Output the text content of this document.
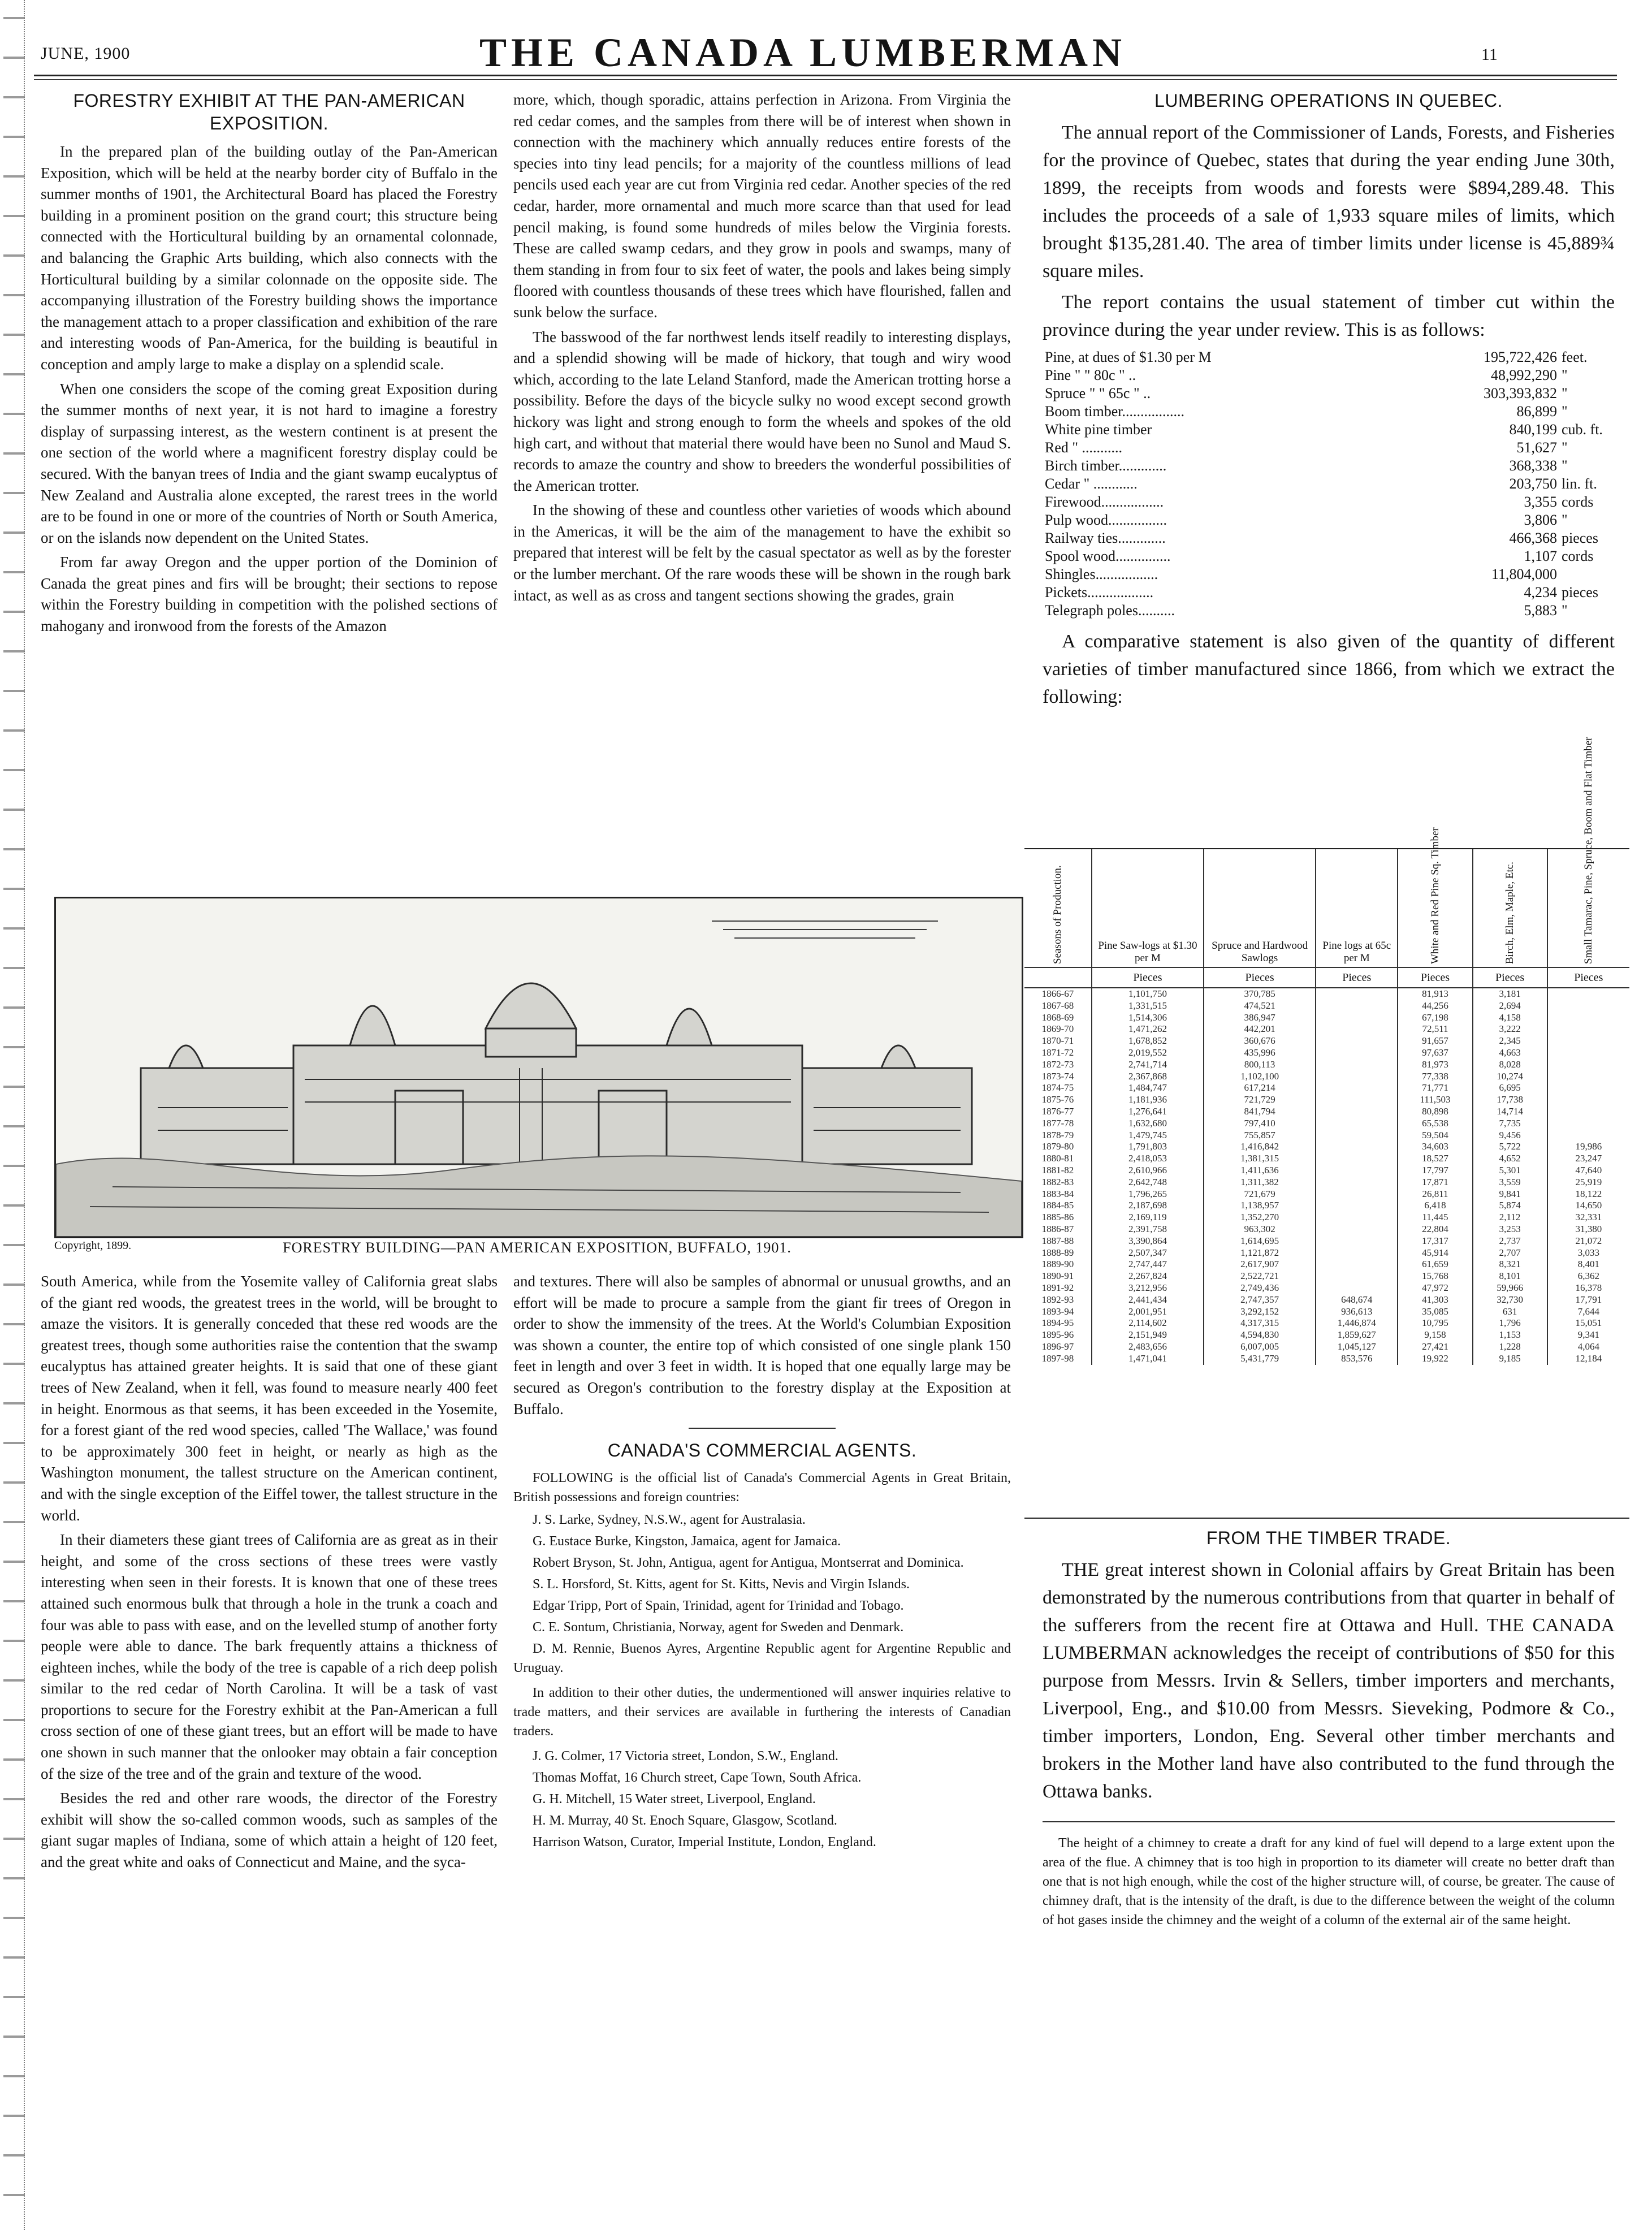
JUNE, 1900	THE CANADA LUMBERMAN	11
FORESTRY EXHIBIT AT THE PAN-AMERICAN EXPOSITION.

In the prepared plan of the building outlay of the Pan-American Exposition, which will be held at the nearby border city of Buffalo in the summer months of 1901, the Architectural Board has placed the Forestry building in a prominent position on the grand court; this structure being connected with the Horticultural building by an ornamental colonnade, and balancing the Graphic Arts building, which also connects with the Horticultural building by a similar colonnade on the opposite side. The accompanying illustration of the Forestry building shows the importance the management attach to a proper classification and exhibition of the rare and interesting woods of Pan-America, for the building is beautiful in conception and amply large to make a display on a splendid scale.

When one considers the scope of the coming great Exposition during the summer months of next year, it is not hard to imagine a forestry display of surpassing interest, as the western continent is at present the one section of the world where a magnificent forestry display could be secured. With the banyan trees of India and the giant swamp eucalyptus of New Zealand and Australia alone excepted, the rarest trees in the world are to be found in one or more of the countries of North or South America, or on the islands now dependent on the United States.

From far away Oregon and the upper portion of the Dominion of Canada the great pines and firs will be brought; their sections to repose within the Forestry building in competition with the polished sections of mahogany and ironwood from the forests of the Amazon

more, which, though sporadic, attains perfection in Arizona. From Virginia the red cedar comes, and the samples from there will be of interest when shown in connection with the machinery which annually reduces entire forests of the species into tiny lead pencils; for a majority of the countless millions of lead pencils used each year are cut from Virginia red cedar. Another species of the red cedar, harder, more ornamental and much more scarce than that used for lead pencil making, is found some hundreds of miles below the Virginia forests. These are called swamp cedars, and they grow in pools and swamps, many of them standing in from four to six feet of water, the pools and lakes being simply floored with countless thousands of these trees which have flourished, fallen and sunk below the surface.

The basswood of the far northwest lends itself readily to interesting displays, and a splendid showing will be made of hickory, that tough and wiry wood which, according to the late Leland Stanford, made the American trotting horse a possibility. Before the days of the bicycle sulky no wood except second growth hickory was light and strong enough to form the wheels and spokes of the old high cart, and without that material there would have been no Sunol and Maud S. records to amaze the country and show to breeders the wonderful possibilities of the American trotter.

In the showing of these and countless other varieties of woods which abound in the Americas, it will be the aim of the management to have the exhibit so prepared that interest will be felt by the casual spectator as well as by the forester or the lumber merchant. Of the rare woods these will be shown in the rough bark intact, as well as as cross and tangent sections showing the grades, grain

Copyright, 1899.	FORESTRY BUILDING—PAN AMERICAN EXPOSITION, BUFFALO, 1901.

South America, while from the Yosemite valley of California great slabs of the giant red woods, the greatest trees in the world, will be brought to amaze the visitors. It is generally conceded that these red woods are the greatest trees, though some authorities raise the contention that the swamp eucalyptus has attained greater heights. It is said that one of these giant trees of New Zealand, when it fell, was found to measure nearly 400 feet in height. Enormous as that seems, it has been exceeded in the Yosemite, for a forest giant of the red wood species, called 'The Wallace,' was found to be approximately 300 feet in height, or nearly as high as the Washington monument, the tallest structure on the American continent, and with the single exception of the Eiffel tower, the tallest structure in the world.

In their diameters these giant trees of California are as great as in their height, and some of the cross sections of these trees were vastly interesting when seen in their forests. It is known that one of these trees attained such enormous bulk that through a hole in the trunk a coach and four was able to pass with ease, and on the levelled stump of another forty people were able to dance. The bark frequently attains a thickness of eighteen inches, while the body of the tree is capable of a rich deep polish similar to the red cedar of North Carolina. It will be a task of vast proportions to secure for the Forestry exhibit at the Pan-American a full cross section of one of these giant trees, but an effort will be made to have one shown in such manner that the onlooker may obtain a fair conception of the size of the tree and of the grain and texture of the wood.

Besides the red and other rare woods, the director of the Forestry exhibit will show the so-called common woods, such as samples of the giant sugar maples of Indiana, some of which attain a height of 120 feet, and the great white and oaks of Connecticut and Maine, and the syca-

and textures. There will also be samples of abnormal or unusual growths, and an effort will be made to procure a sample from the giant fir trees of Oregon in order to show the immensity of the trees. At the World's Columbian Exposition was shown a counter, the entire top of which consisted of one single plank 150 feet in length and over 3 feet in width. It is hoped that one equally large may be secured as Oregon's contribution to the forestry display at the Exposition at Buffalo.

CANADA'S COMMERCIAL AGENTS.

FOLLOWING is the official list of Canada's Commercial Agents in Great Britain, British possessions and foreign countries:

J. S. Larke, Sydney, N.S.W., agent for Australasia.

G. Eustace Burke, Kingston, Jamaica, agent for Jamaica.

Robert Bryson, St. John, Antigua, agent for Antigua, Montserrat and Dominica.

S. L. Horsford, St. Kitts, agent for St. Kitts, Nevis and Virgin Islands.

Edgar Tripp, Port of Spain, Trinidad, agent for Trinidad and Tobago.

C. E. Sontum, Christiania, Norway, agent for Sweden and Denmark.

D. M. Rennie, Buenos Ayres, Argentine Republic agent for Argentine Republic and Uruguay.

In addition to their other duties, the undermentioned will answer inquiries relative to trade matters, and their services are available in furthering the interests of Canadian traders.

J. G. Colmer, 17 Victoria street, London, S.W., England.

Thomas Moffat, 16 Church street, Cape Town, South Africa.

G. H. Mitchell, 15 Water street, Liverpool, England.

H. M. Murray, 40 St. Enoch Square, Glasgow, Scotland.

Harrison Watson, Curator, Imperial Institute, London, England.

LUMBERING OPERATIONS IN QUEBEC.

The annual report of the Commissioner of Lands, Forests, and Fisheries for the province of Quebec, states that during the year ending June 30th, 1899, the receipts from woods and forests were $894,289.48. This includes the proceeds of a sale of 1,933 square miles of limits, which brought $135,281.40. The area of timber limits under license is 45,889¾ square miles.

The report contains the usual statement of timber cut within the province during the year under review. This is as follows:

Pine, at dues of $1.30 per M	195,722,426	feet.
Pine " " 80c " ..	48,992,290	"
Spruce " " 65c " ..	303,393,832	"
Boom timber.................	86,899	"
White pine timber	840,199	cub. ft.
Red " ...........	51,627	"
Birch timber.............	368,338	"
Cedar " ............	203,750	lin. ft.
Firewood.................	3,355	cords
Pulp wood................	3,806	"
Railway ties.............	466,368	pieces
Spool wood...............	1,107	cords
Shingles.................	11,804,000	
Pickets..................	4,234	pieces
Telegraph poles..........	5,883	"

A comparative statement is also given of the quantity of different varieties of timber manufactured since 1866, from which we extract the following:

Seasons of Production.	Pine Saw-logs at $1.30 per M	Spruce and Hardwood Sawlogs	Pine logs at 65c per M	White and Red Pine Sq. Timber	Birch, Elm, Maple, Etc.	Small Tamarac, Pine, Spruce, Boom and Flat Timber
	Pieces	Pieces	Pieces	Pieces	Pieces	Pieces
1866-67	1,101,750	370,785		81,913	3,181	
1867-68	1,331,515	474,521		44,256	2,694	
1868-69	1,514,306	386,947		67,198	4,158	
1869-70	1,471,262	442,201		72,511	3,222	
1870-71	1,678,852	360,676		91,657	2,345	
1871-72	2,019,552	435,996		97,637	4,663	
1872-73	2,741,714	800,113		81,973	8,028	
1873-74	2,367,868	1,102,100		77,338	10,274	
1874-75	1,484,747	617,214		71,771	6,695	
1875-76	1,181,936	721,729		111,503	17,738	
1876-77	1,276,641	841,794		80,898	14,714	
1877-78	1,632,680	797,410		65,538	7,735	
1878-79	1,479,745	755,857		59,504	9,456	
1879-80	1,791,803	1,416,842		34,603	5,722	19,986
1880-81	2,418,053	1,381,315		18,527	4,652	23,247
1881-82	2,610,966	1,411,636		17,797	5,301	47,640
1882-83	2,642,748	1,311,382		17,871	3,559	25,919
1883-84	1,796,265	721,679		26,811	9,841	18,122
1884-85	2,187,698	1,138,957		6,418	5,874	14,650
1885-86	2,169,119	1,352,270		11,445	2,112	32,331
1886-87	2,391,758	963,302		22,804	3,253	31,380
1887-88	3,390,864	1,614,695		17,317	2,737	21,072
1888-89	2,507,347	1,121,872		45,914	2,707	3,033
1889-90	2,747,447	2,617,907		61,659	8,321	8,401
1890-91	2,267,824	2,522,721		15,768	8,101	6,362
1891-92	3,212,956	2,749,436		47,972	59,966	16,378
1892-93	2,441,434	2,747,357	648,674	41,303	32,730	17,791
1893-94	2,001,951	3,292,152	936,613	35,085	631	7,644
1894-95	2,114,602	4,317,315	1,446,874	10,795	1,796	15,051
1895-96	2,151,949	4,594,830	1,859,627	9,158	1,153	9,341
1896-97	2,483,656	6,007,005	1,045,127	27,421	1,228	4,064
1897-98	1,471,041	5,431,779	853,576	19,922	9,185	12,184
FROM THE TIMBER TRADE.

THE great interest shown in Colonial affairs by Great Britain has been demonstrated by the numerous contributions from that quarter in behalf of the sufferers from the recent fire at Ottawa and Hull. THE CANADA LUMBERMAN acknowledges the receipt of contributions of $50 for this purpose from Messrs. Irvin & Sellers, timber importers and merchants, Liverpool, Eng., and $10.00 from Messrs. Sieveking, Podmore & Co., timber importers, London, Eng. Several other timber merchants and brokers in the Mother land have also contributed to the fund through the Ottawa banks.

The height of a chimney to create a draft for any kind of fuel will depend to a large extent upon the area of the flue. A chimney that is too high in proportion to its diameter will create no better draft than one that is not high enough, while the cost of the higher structure will, of course, be greater. The cause of chimney draft, that is the intensity of the draft, is due to the difference between the weight of the column of hot gases inside the chimney and the weight of a column of the external air of the same height.
